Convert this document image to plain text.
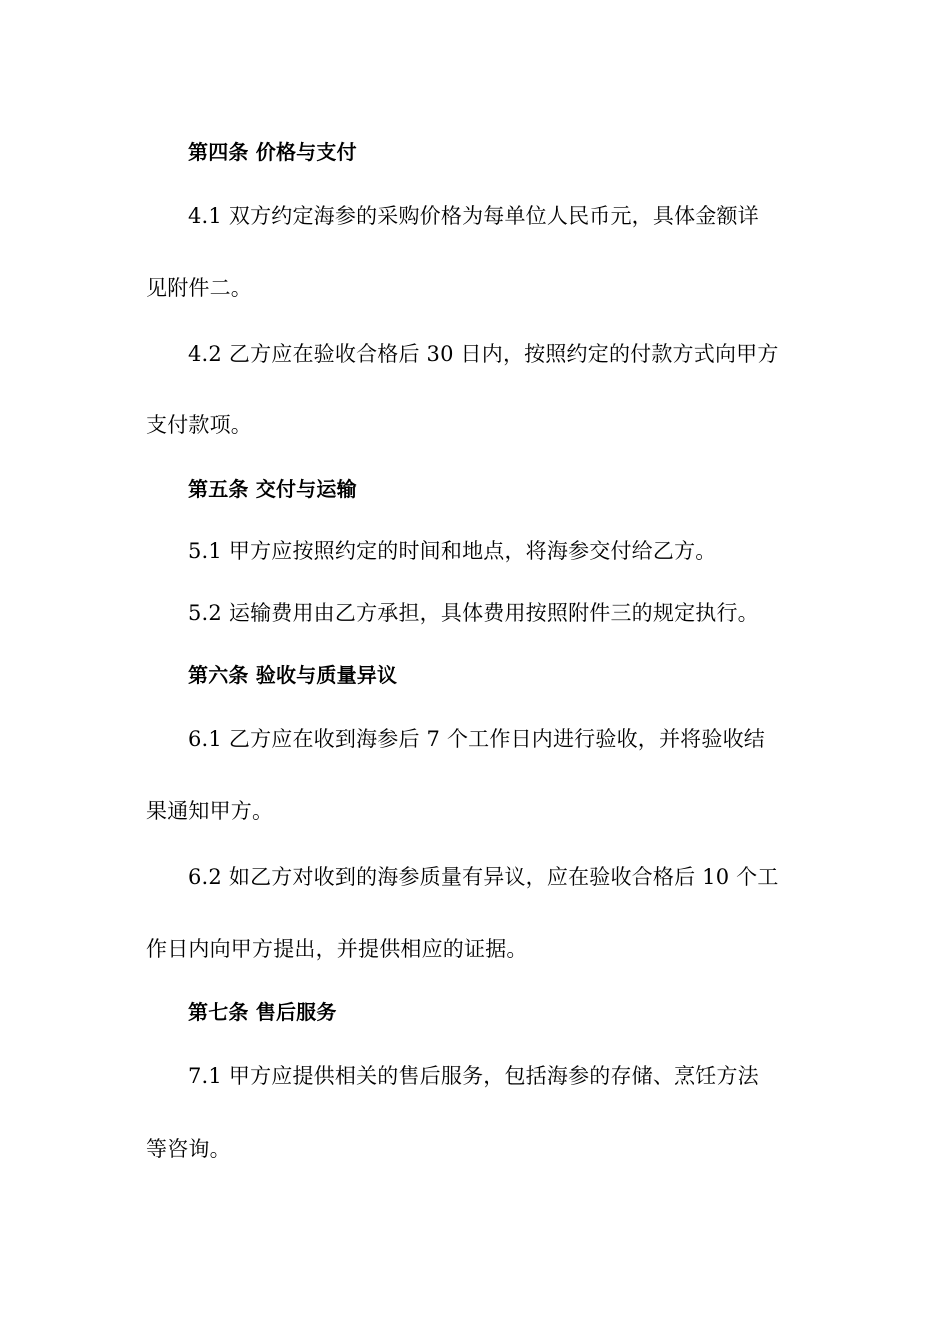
第四条 价格与支付
4.1 双方约定海参的采购价格为每单位人民币元，具体金额详
见附件二。
4.2 乙方应在验收合格后 30 日内，按照约定的付款方式向甲方
支付款项。
第五条 交付与运输
5.1 甲方应按照约定的时间和地点，将海参交付给乙方。
5.2 运输费用由乙方承担，具体费用按照附件三的规定执行。
第六条 验收与质量异议
6.1 乙方应在收到海参后 7 个工作日内进行验收，并将验收结
果通知甲方。
6.2 如乙方对收到的海参质量有异议，应在验收合格后 10 个工
作日内向甲方提出，并提供相应的证据。
第七条 售后服务
7.1 甲方应提供相关的售后服务，包括海参的存储、烹饪方法
等咨询。
